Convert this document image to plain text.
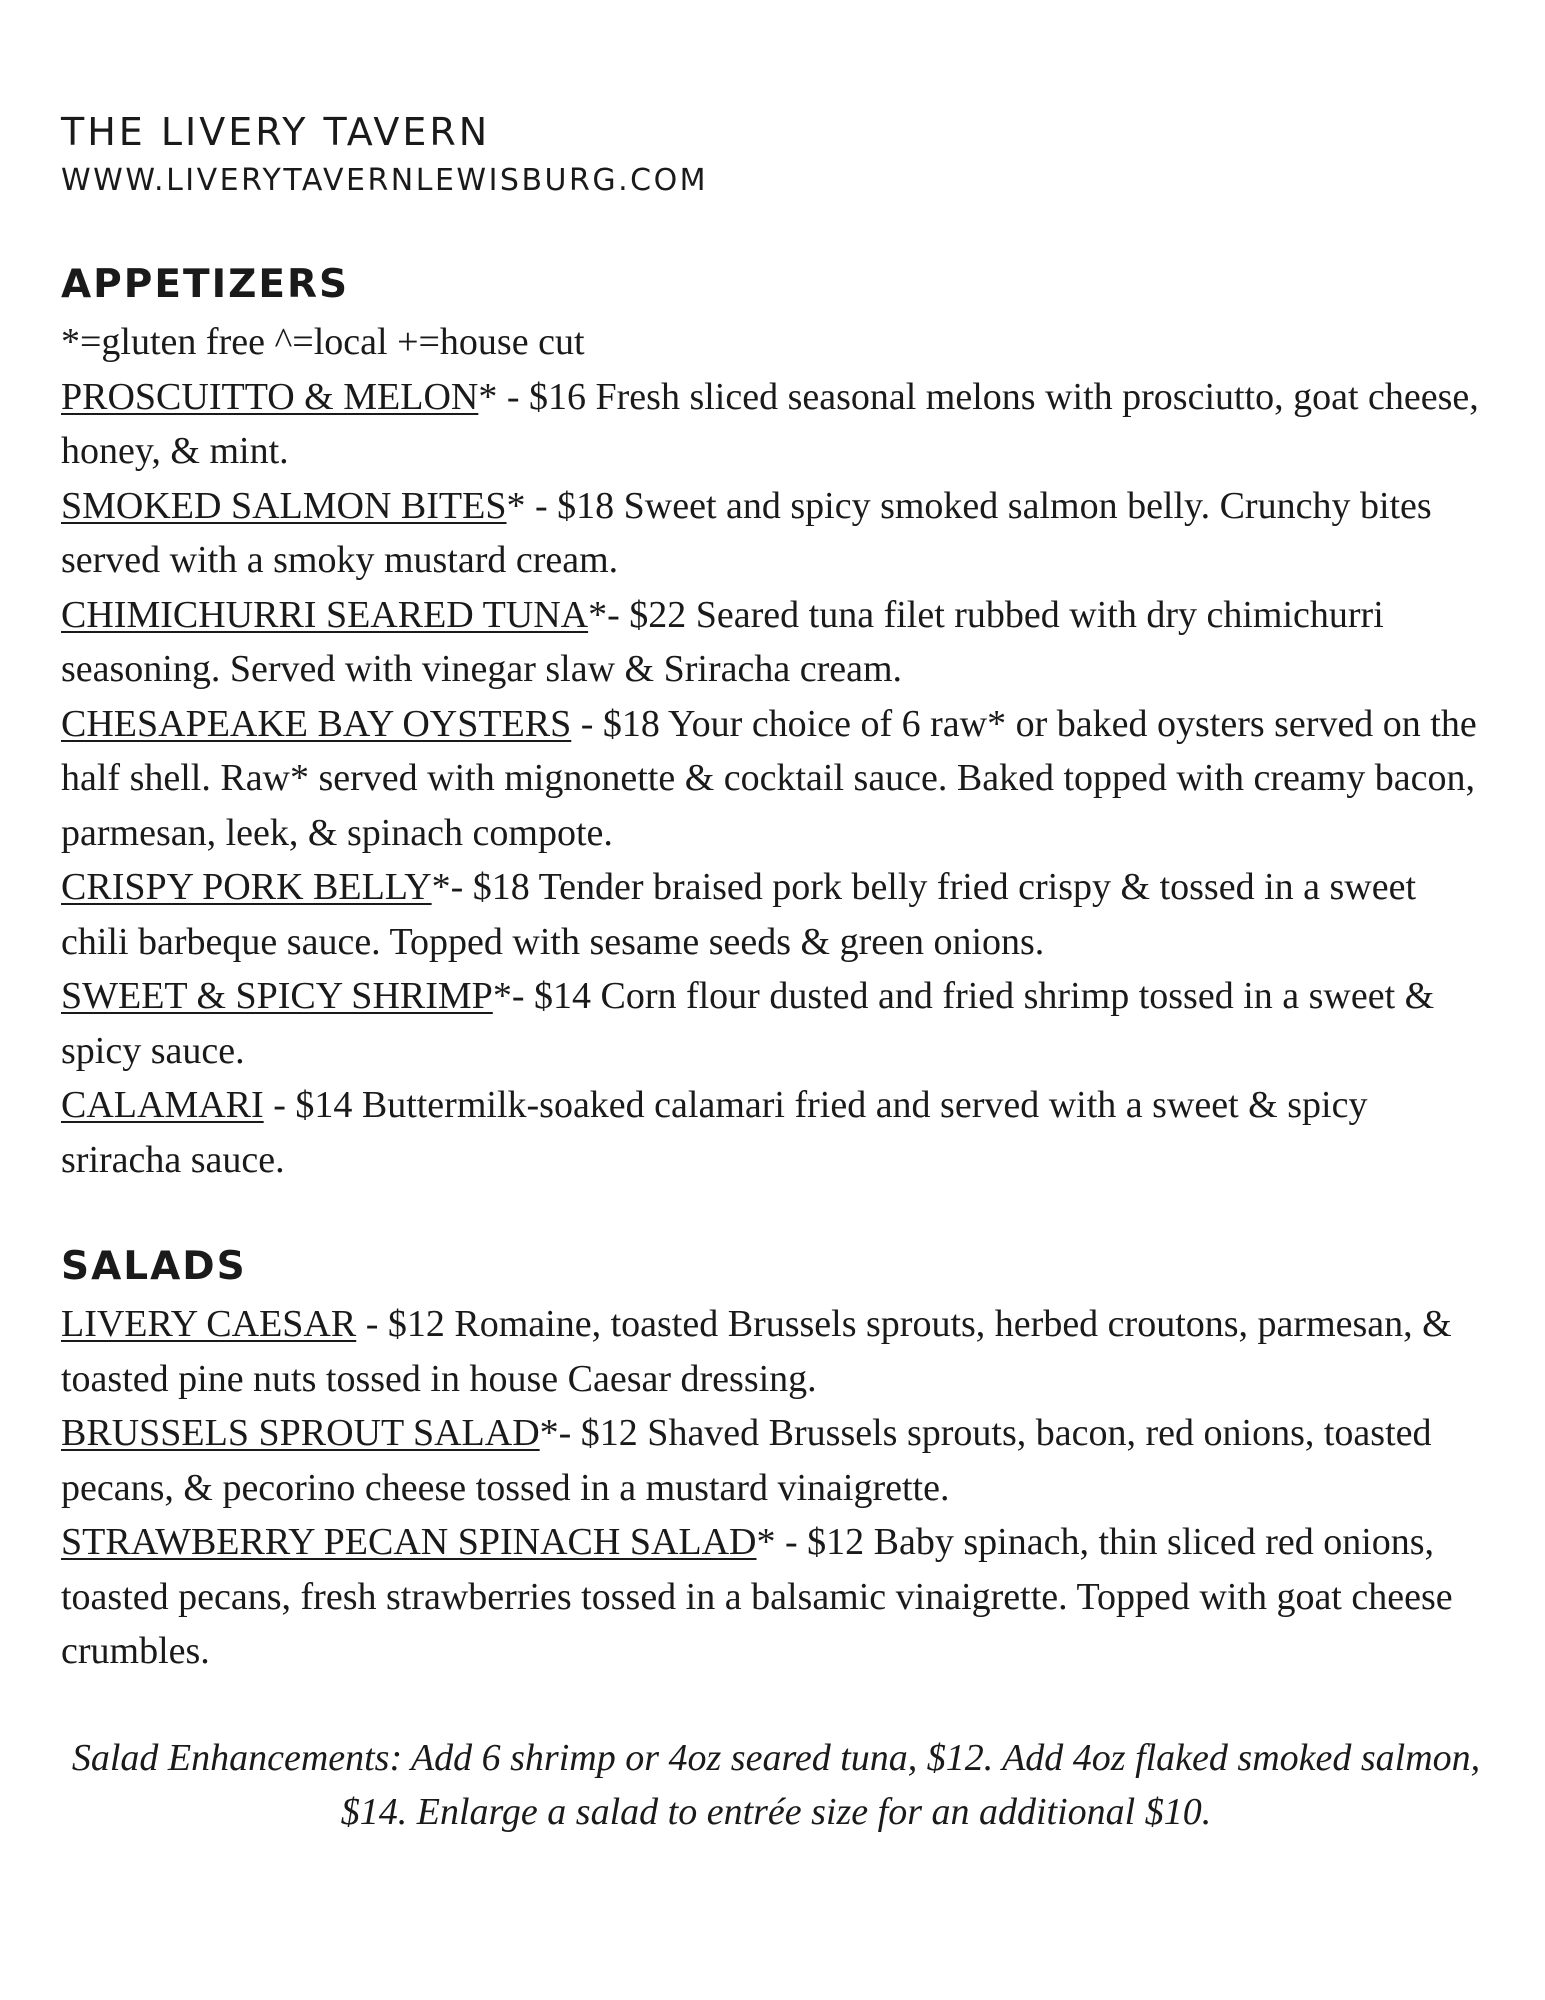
THE LIVERY TAVERN

WWW.LIVERYTAVERNLEWISBURG.COM

APPETIZERS

*=gluten free ^=local +=house cut

PROSCUITTO & MELON* - $16 Fresh sliced seasonal melons with prosciutto, goat cheese, honey, & mint.

SMOKED SALMON BITES* - $18 Sweet and spicy smoked salmon belly. Crunchy bites served with a smoky mustard cream.

CHIMICHURRI SEARED TUNA*- $22 Seared tuna filet rubbed with dry chimichurri seasoning. Served with vinegar slaw & Sriracha cream.

CHESAPEAKE BAY OYSTERS - $18 Your choice of 6 raw* or baked oysters served on the half shell. Raw* served with mignonette & cocktail sauce. Baked topped with creamy bacon, parmesan, leek, & spinach compote.

CRISPY PORK BELLY*- $18 Tender braised pork belly fried crispy & tossed in a sweet chili barbeque sauce. Topped with sesame seeds & green onions.

SWEET & SPICY SHRIMP*- $14 Corn flour dusted and fried shrimp tossed in a sweet & spicy sauce.

CALAMARI - $14 Buttermilk-soaked calamari fried and served with a sweet & spicy sriracha sauce.

SALADS

LIVERY CAESAR - $12 Romaine, toasted Brussels sprouts, herbed croutons, parmesan, & toasted pine nuts tossed in house Caesar dressing.

BRUSSELS SPROUT SALAD*- $12 Shaved Brussels sprouts, bacon, red onions, toasted pecans, & pecorino cheese tossed in a mustard vinaigrette.

STRAWBERRY PECAN SPINACH SALAD* - $12 Baby spinach, thin sliced red onions, toasted pecans, fresh strawberries tossed in a balsamic vinaigrette. Topped with goat cheese crumbles.

Salad Enhancements: Add 6 shrimp or 4oz seared tuna, $12. Add 4oz flaked smoked salmon, $14. Enlarge a salad to entrée size for an additional $10.
